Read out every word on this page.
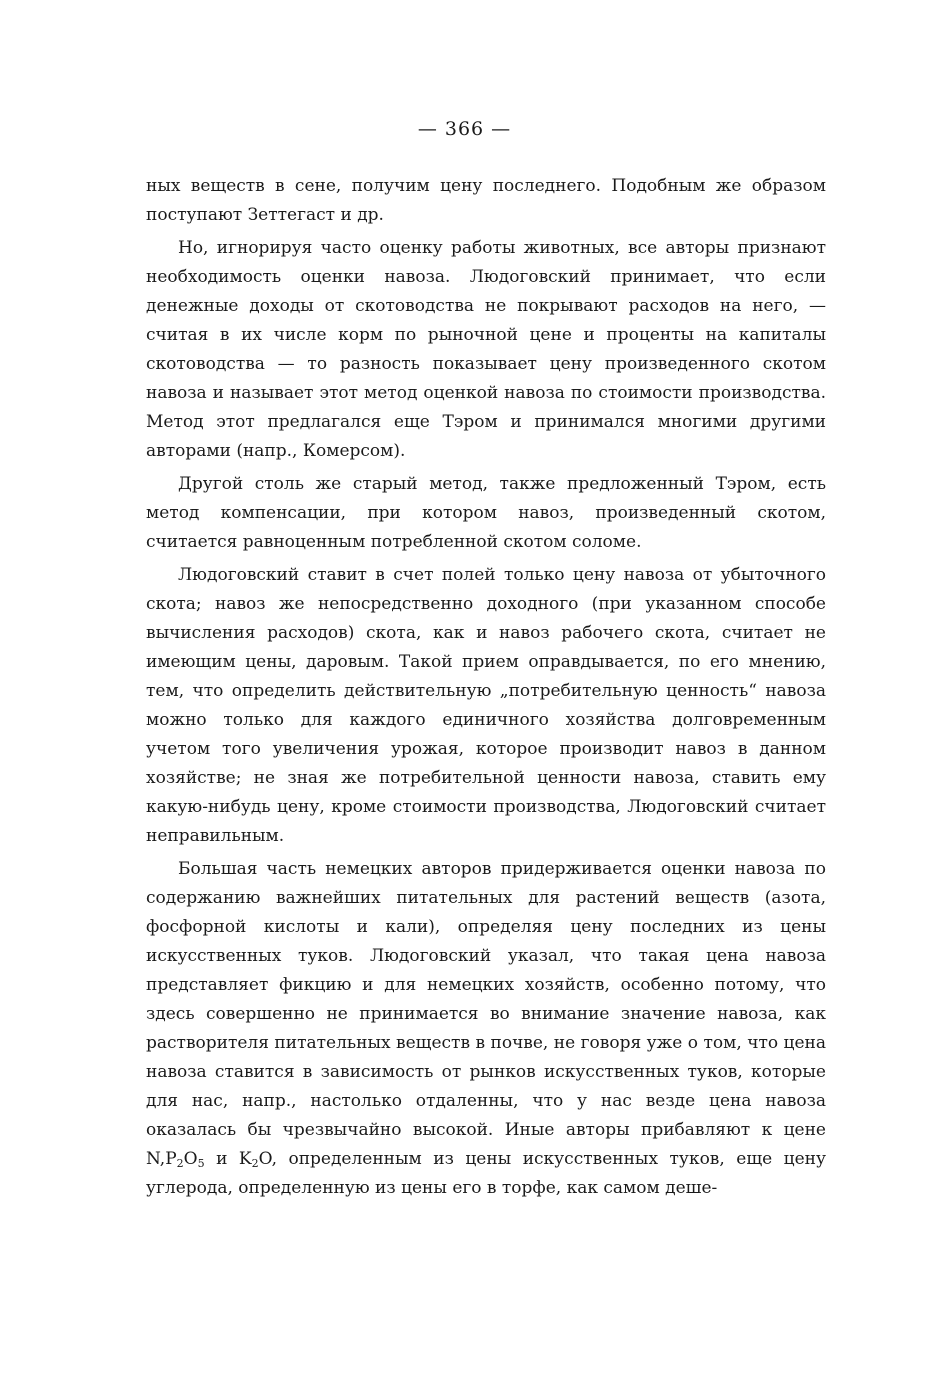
— 366 —

ных веществ в сене, получим цену последнего. Подобным же образом поступают Зеттегаст и др.

Но, игнорируя часто оценку работы животных, все авторы признают необходимость оценки навоза. Людоговский принимает, что если денежные доходы от скотоводства не покрывают расходов на него, — считая в их числе корм по рыночной цене и проценты на капиталы скотоводства — то разность показывает цену произведенного скотом навоза и называет этот метод оценкой навоза по стоимости производства. Метод этот предлагался еще Тэром и принимался многими другими авторами (напр., Комерсом).

Другой столь же старый метод, также предложенный Тэром, есть метод компенсации, при котором навоз, произведенный скотом, считается равноценным потребленной скотом соломе.

Людоговский ставит в счет полей только цену навоза от убыточного скота; навоз же непосредственно доходного (при указанном способе вычисления расходов) скота, как и навоз рабочего скота, считает не имеющим цены, даровым. Такой прием оправдывается, по его мнению, тем, что определить действительную „потребительную ценность“ навоза можно только для каждого единичного хозяйства долговременным учетом того увеличения урожая, которое производит навоз в данном хозяйстве; не зная же потребительной ценности навоза, ставить ему какую-нибудь цену, кроме стоимости производства, Людоговский считает неправильным.

Большая часть немецких авторов придерживается оценки навоза по содержанию важнейших питательных для растений веществ (азота, фосфорной кислоты и кали), определяя цену последних из цены искусственных туков. Людоговский указал, что такая цена навоза представляет фикцию и для немецких хозяйств, особенно потому, что здесь совершенно не принимается во внимание значение навоза, как растворителя питательных веществ в почве, не говоря уже о том, что цена навоза ставится в зависимость от рынков искусственных туков, которые для нас, напр., настолько отдаленны, что у нас везде цена навоза оказалась бы чрезвычайно высокой. Иные авторы прибавляют к цене $N,P_2O_5$ и $K_2O$, определенным из цены искусственных туков, еще цену углерода, определенную из цены его в торфе, как самом деше-
